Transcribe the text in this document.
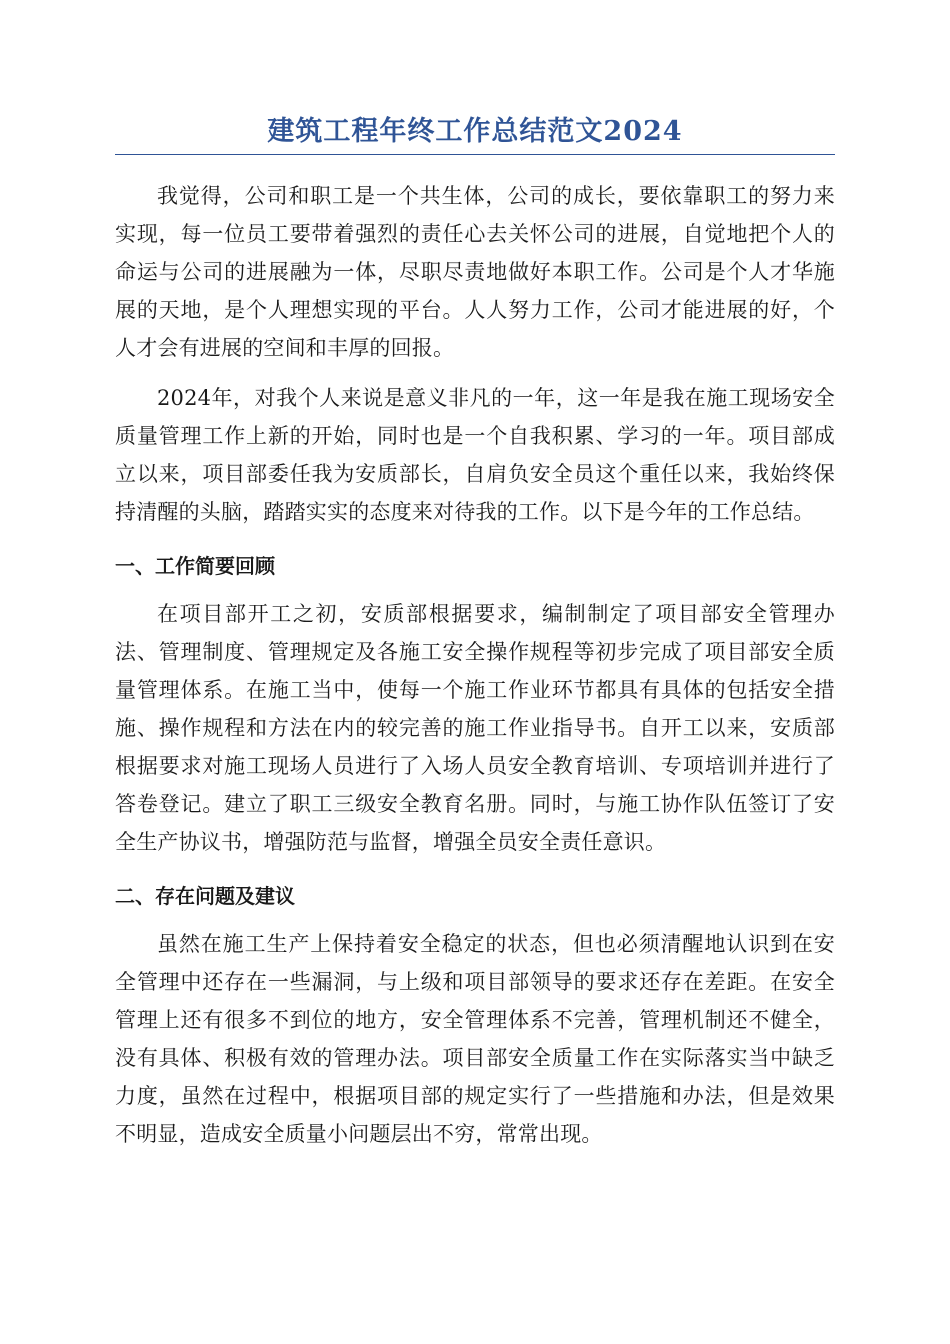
建筑工程年终工作总结范文2024

我觉得，公司和职工是一个共生体，公司的成长，要依靠职工的努力来实现，每一位员工要带着强烈的责任心去关怀公司的进展，自觉地把个人的命运与公司的进展融为一体，尽职尽责地做好本职工作。公司是个人才华施展的天地，是个人理想实现的平台。人人努力工作，公司才能进展的好，个人才会有进展的空间和丰厚的回报。

2024年，对我个人来说是意义非凡的一年，这一年是我在施工现场安全质量管理工作上新的开始，同时也是一个自我积累、学习的一年。项目部成立以来，项目部委任我为安质部长，自肩负安全员这个重任以来，我始终保持清醒的头脑，踏踏实实的态度来对待我的工作。以下是今年的工作总结。

一、工作简要回顾

在项目部开工之初，安质部根据要求，编制制定了项目部安全管理办法、管理制度、管理规定及各施工安全操作规程等初步完成了项目部安全质量管理体系。在施工当中，使每一个施工作业环节都具有具体的包括安全措施、操作规程和方法在内的较完善的施工作业指导书。自开工以来，安质部根据要求对施工现场人员进行了入场人员安全教育培训、专项培训并进行了答卷登记。建立了职工三级安全教育名册。同时，与施工协作队伍签订了安全生产协议书，增强防范与监督，增强全员安全责任意识。

二、存在问题及建议

虽然在施工生产上保持着安全稳定的状态，但也必须清醒地认识到在安全管理中还存在一些漏洞，与上级和项目部领导的要求还存在差距。在安全管理上还有很多不到位的地方，安全管理体系不完善，管理机制还不健全，没有具体、积极有效的管理办法。项目部安全质量工作在实际落实当中缺乏力度，虽然在过程中，根据项目部的规定实行了一些措施和办法，但是效果不明显，造成安全质量小问题层出不穷，常常出现。
